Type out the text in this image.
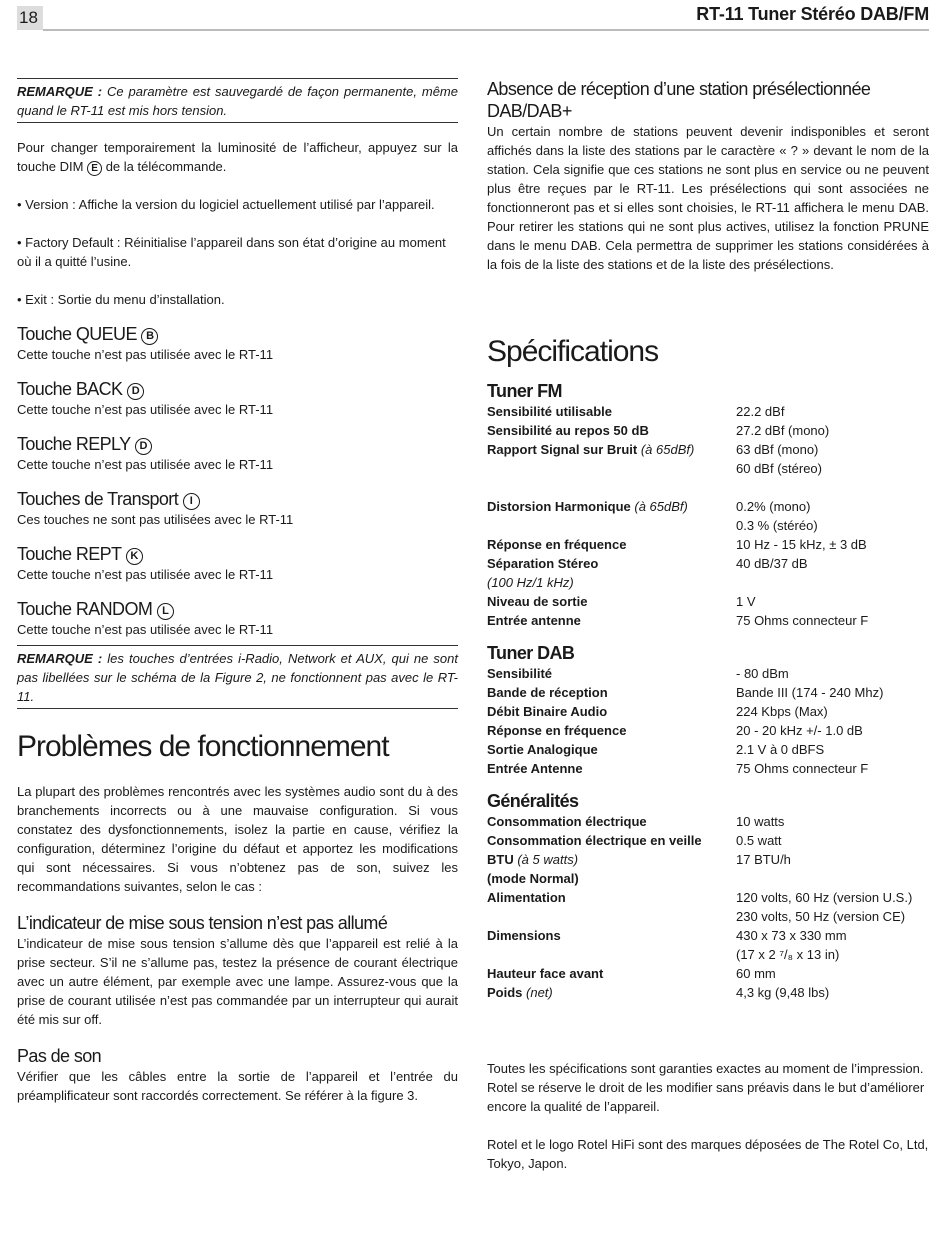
18	RT-11 Tuner Stéréo DAB/FM
REMARQUE : Ce paramètre est sauvegardé de façon permanente, même quand le RT-11 est mis hors tension.

Pour changer temporairement la luminosité de l’afficheur, appuyez sur la touche DIM E de la télécommande.

• Version : Affiche la version du logiciel actuellement utilisé par l’appareil.

• Factory Default : Réinitialise l’appareil dans son état d’origine au moment où il a quitté l’usine.

• Exit : Sortie du menu d’installation.

Touche QUEUE B

Cette touche n’est pas utilisée avec le RT-11

Touche BACK D

Cette touche n’est pas utilisée avec le RT-11

Touche REPLY D

Cette touche n’est pas utilisée avec le RT-11

Touches de Transport I

Ces touches ne sont pas utilisées avec le RT-11

Touche REPT K

Cette touche n’est pas utilisée avec le RT-11

Touche RANDOM L

Cette touche n’est pas utilisée avec le RT-11

REMARQUE : les touches d’entrées i-Radio, Network et AUX, qui ne sont pas libellées sur le schéma de la Figure 2, ne fonctionnent pas avec le RT-11.
Problèmes de fonctionnement

La plupart des problèmes rencontrés avec les systèmes audio sont du à des branchements incorrects ou à une mauvaise configuration. Si vous constatez des dysfonctionnements, isolez la partie en cause, vérifiez la configuration, déterminez l’origine du défaut et apportez les modifications qui sont nécessaires. Si vous n’obtenez pas de son, suivez les recommandations suivantes, selon le cas :

L’indicateur de mise sous tension n’est pas allumé

L’indicateur de mise sous tension s’allume dès que l’appareil est relié à la prise secteur. S’il ne s’allume pas, testez la présence de courant électrique avec un autre élément, par exemple avec une lampe. Assurez-vous que la prise de courant utilisée n’est pas commandée par un interrupteur qui aurait été mis sur off.

Pas de son

Vérifier que les câbles entre la sortie de l’appareil et l’entrée du préamplificateur sont raccordés correctement. Se référer à la figure 3.

Absence de réception d’une station présélectionnée DAB/DAB+

Un certain nombre de stations peuvent devenir indisponibles et seront affichés dans la liste des stations par le caractère « ? » devant le nom de la station. Cela signifie que ces stations ne sont plus en service ou ne peuvent plus être reçues par le RT-11. Les présélections qui sont associées ne fonctionneront pas et si elles sont choisies, le RT-11 affichera le menu DAB. Pour retirer les stations qui ne sont plus actives, utilisez la fonction PRUNE dans le menu DAB. Cela permettra de supprimer les stations considérées à la fois de la liste des stations et de la liste des présélections.

Spécifications
Tuner FM
Sensibilité utilisable	22.2 dBf
Sensibilité au repos 50 dB	27.2 dBf (mono)
Rapport Signal sur Bruit (à 65dBf)	63 dBf (mono)
	60 dBf (stéreo)

Distorsion Harmonique (à 65dBf)	0.2% (mono)
	0.3 % (stéréo)
Réponse en fréquence	10 Hz - 15 kHz, ± 3 dB
Séparation Stéreo	40 dB/37 dB
(100 Hz/1 kHz)	
Niveau de sortie	1 V
Entrée antenne	75 Ohms connecteur F
Tuner DAB
Sensibilité	- 80 dBm
Bande de réception	Bande III (174 - 240 Mhz)
Débit Binaire Audio	224 Kbps (Max)
Réponse en fréquence	20 - 20 kHz +/- 1.0 dB
Sortie Analogique	2.1 V à 0 dBFS
Entrée Antenne	75 Ohms connecteur F
Généralités
Consommation électrique	10 watts
Consommation électrique en veille	0.5 watt
BTU (à 5 watts)	17 BTU/h
(mode Normal)	
Alimentation	120 volts, 60 Hz (version U.S.)
	230 volts, 50 Hz (version CE)
Dimensions	430 x 73 x 330 mm
	(17 x 2 ⁷/₈ x 13 in)
Hauteur face avant	60 mm
Poids (net)	4,3 kg (9,48 lbs)

Toutes les spécifications sont garanties exactes au moment de l’impression.

Rotel se réserve le droit de les modifier sans préavis dans le but d’améliorer encore la qualité de l’appareil.

Rotel et le logo Rotel HiFi sont des marques déposées de The Rotel Co, Ltd, Tokyo, Japon.
